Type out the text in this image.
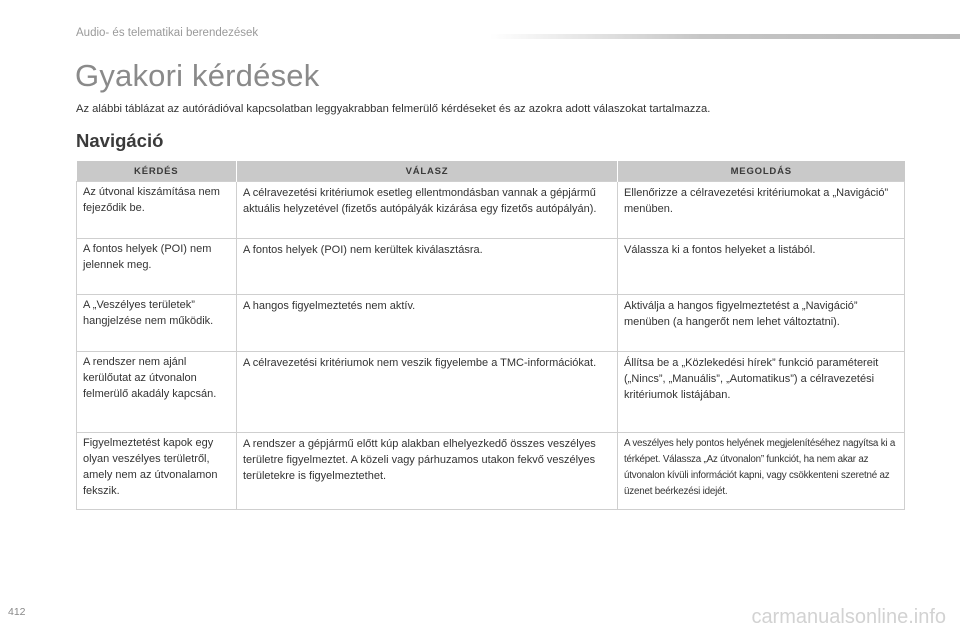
Audio- és telematikai berendezések
Gyakori kérdések
Az alábbi táblázat az autórádióval kapcsolatban leggyakrabban felmerülő kérdéseket és az azokra adott válaszokat tartalmazza.
Navigáció
KÉRDÉS	VÁLASZ	MEGOLDÁS
Az útvonal kiszámítása nem fejeződik be.	A célravezetési kritériumok esetleg ellentmondásban vannak a gépjármű aktuális helyzetével (fizetős autópályák kizárása egy fizetős autópályán).	Ellenőrizze a célravezetési kritériumokat a „Navigáció” menüben.
A fontos helyek (POI) nem jelennek meg.	A fontos helyek (POI) nem kerültek kiválasztásra.	Válassza ki a fontos helyeket a listából.
A „Veszélyes területek” hangjelzése nem működik.	A hangos figyelmeztetés nem aktív.	Aktiválja a hangos figyelmeztetést a „Navigáció” menüben (a hangerőt nem lehet változtatni).
A rendszer nem ajánl kerülőutat az útvonalon felmerülő akadály kapcsán.	A célravezetési kritériumok nem veszik figyelembe a TMC-információkat.	Állítsa be a „Közlekedési hírek” funkció paramétereit („Nincs”, „Manuális”, „Automatikus”) a célravezetési kritériumok listájában.
Figyelmeztetést kapok egy olyan veszélyes területről, amely nem az útvonalamon fekszik.	A rendszer a gépjármű előtt kúp alakban elhelyezkedő összes veszélyes területre figyelmeztet. A közeli vagy párhuzamos utakon fekvő veszélyes területekre is figyelmeztethet.	A veszélyes hely pontos helyének megjelenítéséhez nagyítsa ki a térképet. Válassza „Az útvonalon” funkciót, ha nem akar az útvonalon kívüli információt kapni, vagy csökkenteni szeretné az üzenet beérkezési idejét.
412	carmanualsonline.info
